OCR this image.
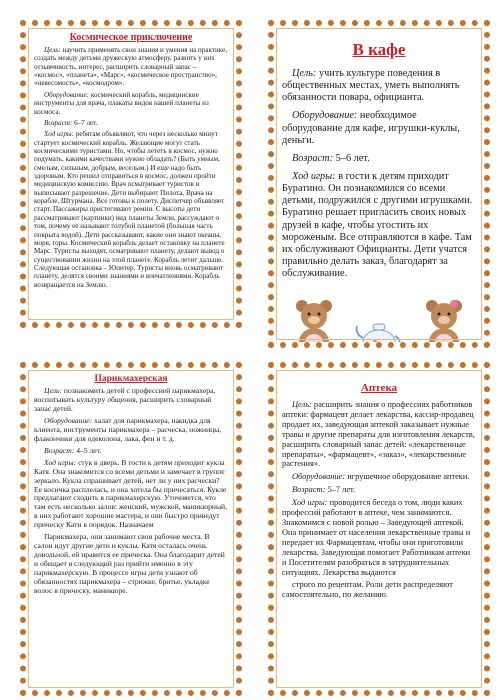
Космическое приключение

Цель: научить применять свои знания и умения на практике, создать между детьми дружескую атмосферу, развить у них отзывчивость, интерес, расширить словарный запас – «космос», «планета», «Марс», «космическое пространство», «невесомость», «космодром».

Оборудование: космический корабль, медицинские инструменты для врача, плакаты видов нашей планеты из космоса.

Возраст: 6–7 лет.

Ход игры: ребятам объявляют, что через несколько минут стартует космический корабль. Желающие могут стать космическими туристами. Но, чтобы лететь в космос, нужно подумать, какими качествами нужно обладать? (Быть умным, смелым, сильным, добрым, веселым.) И еще надо быть здоровым. Кто решил отправиться в космос, должен пройти медицинскую комиссию. Врач осматривает туристов и выписывает разрешение. Дети выбирают Пилота, Врача на корабле, Штурмана. Все готовы к полету. Диспетчер объявляет старт. Пассажиры пристегивают ремни. С высоты дети рассматривают (картинки) вид планеты Земли, рассуждают о том, почему ее называют голубой планетой (большая часть покрыта водой). Дети рассказывают, какие они знают океаны, моря, горы. Космический корабль делает остановку на планете Марс. Туристы выходят, осматривают планету, делают вывод о существовании жизни на этой планете. Корабль летит дальше. Следующая остановка – Юпитер. Туристы вновь осматривают планету, делятся своими знаниями и впечатлениями. Корабль возвращается на Землю.

В кафе

Цель: учить культуре поведения в общественных местах, уметь выполнять обязанности повара, официанта.

Оборудование: необходимое оборудование для кафе, игрушки-куклы, деньги.

Возраст: 5–6 лет.

Ход игры: в гости к детям приходит Буратино. Он познакомился со всеми детьми, подружился с другими игрушками. Буратино решает пригласить своих новых друзей в кафе, чтобы угостить их мороженым. Все отправляются в кафе. Там их обслуживают Официанты. Дети учатся правильно делать заказ, благодарят за обслуживание.

Парикмахерская

Цель: познакомить детей с профессией парикмахера, воспитывать культуру общения, расширить словарный запас детей.

Оборудование: халат для парикмахера, накидка для клиента, инструменты парикмахера – расческа, ножницы, флакончики для одеколона, лака, фен и т. д.

Возраст: 4–5 лет.

Ход игры: стук в дверь. В гости к детям приходит кукла Катя. Она знакомится со всеми детьми и замечает в группе зеркало. Кукла спрашивает детей, нет ли у них расчески? Ее косичка расплелась, и она хотела бы причесаться. Кукле предлагают сходить в парикмахерскую. Уточняется, что там есть несколько залов: женский, мужской, маникюрный, в них работают хорошие мастера, и они быстро приведут прическу Кати в порядок. Назначаем

Парикмахера, они занимают свои рабочие места. В салон идут другие дети и куклы. Катя осталась очень довольной, ей нравится ее прическа. Она благодарит детей и обещает в следующий раз прийти именно в эту парикмахерскую. В процессе игры дети узнают об обязанностях парикмахера – стрижке, бритье, укладке волос в прическу, маникюре.

Аптека

Цель: расширить знания о профессиях работников аптеки: фармацевт делает лекарства, кассир-продавец продает их, заведующая аптекой заказывает нужные травы и другие препараты для изготовления лекарств, расширить словарный запас детей: «лекарственные препараты», «фармацевт», «заказ», «лекарственные растения».

Оборудование: игрушечное оборудование аптеки.

Возраст: 5–7 лет.

Ход игры: проводится беседа о том, люди каких профессий работают в аптеке, чем занимаются. Знакомимся с новой ролью – Заведующей аптекой. Она принимает от населения лекарственные травы и передает их Фармацевтам, чтобы они приготовили лекарства. Заведующая помогает Работникам аптеки и Посетителям разобраться в затруднительных ситуациях. Лекарства выдаются

строго по рецептам. Роли дети распределяют самостоятельно, по желанию.
